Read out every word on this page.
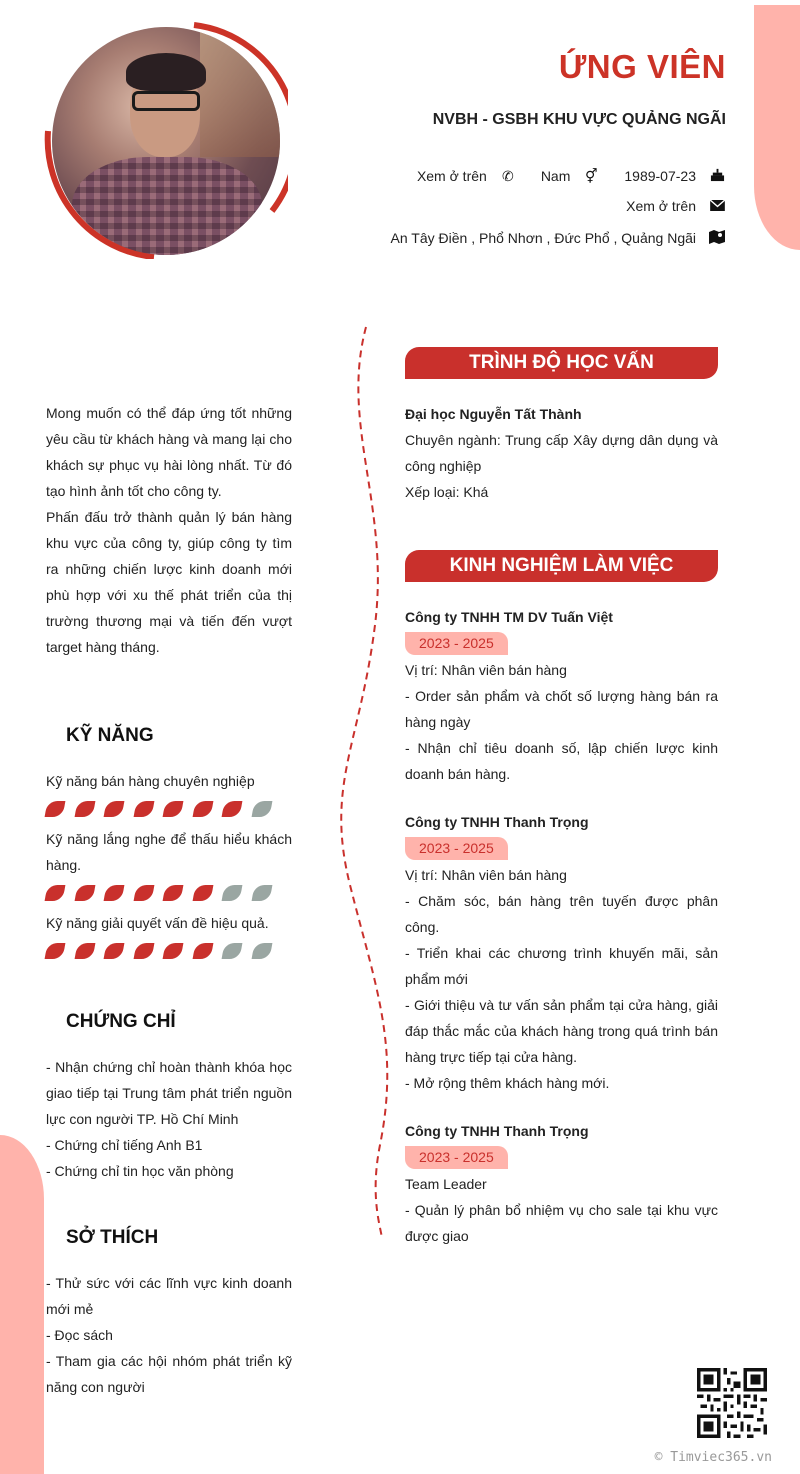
ỨNG VIÊN
NVBH - GSBH KHU VỰC QUẢNG NGÃI
Xem ở trên ✆ Nam ⚥ 1989-07-23
Xem ở trên
An Tây Điền , Phổ Nhơn , Đức Phổ , Quảng Ngãi

Mong muốn có thể đáp ứng tốt những yêu cầu từ khách hàng và mang lại cho khách sự phục vụ hài lòng nhất. Từ đó tạo hình ảnh tốt cho công ty.

Phấn đấu trở thành quản lý bán hàng khu vực của công ty, giúp công ty tìm ra những chiến lược kinh doanh mới phù hợp với xu thế phát triển của thị trường thương mại và tiến đến vượt target hàng tháng.

KỸ NĂNG
Kỹ năng bán hàng chuyên nghiệp
Kỹ năng lắng nghe để thấu hiểu khách hàng.
Kỹ năng giải quyết vấn đề hiệu quả.
CHỨNG CHỈ

- Nhận chứng chỉ hoàn thành khóa học giao tiếp tại Trung tâm phát triển nguồn lực con người TP. Hồ Chí Minh

- Chứng chỉ tiếng Anh B1

- Chứng chỉ tin học văn phòng

SỞ THÍCH

- Thử sức với các lĩnh vực kinh doanh mới mẻ

- Đọc sách

- Tham gia các hội nhóm phát triển kỹ năng con người

TRÌNH ĐỘ HỌC VẤN
Đại học Nguyễn Tất Thành

Chuyên ngành: Trung cấp Xây dựng dân dụng và công nghiệp

Xếp loại: Khá

KINH NGHIỆM LÀM VIỆC
Công ty TNHH TM DV Tuấn Việt
2023 - 2025

Vị trí: Nhân viên bán hàng

- Order sản phẩm và chốt số lượng hàng bán ra hàng ngày

- Nhận chỉ tiêu doanh số, lập chiến lược kinh doanh bán hàng.

Công ty TNHH Thanh Trọng
2023 - 2025

Vị trí: Nhân viên bán hàng

- Chăm sóc, bán hàng trên tuyến được phân công.

- Triển khai các chương trình khuyến mãi, sản phẩm mới

- Giới thiệu và tư vấn sản phẩm tại cửa hàng, giải đáp thắc mắc của khách hàng trong quá trình bán hàng trực tiếp tại cửa hàng.

- Mở rộng thêm khách hàng mới.

Công ty TNHH Thanh Trọng
2023 - 2025

Team Leader

- Quản lý phân bổ nhiệm vụ cho sale tại khu vực được giao

© Timviec365.vn
